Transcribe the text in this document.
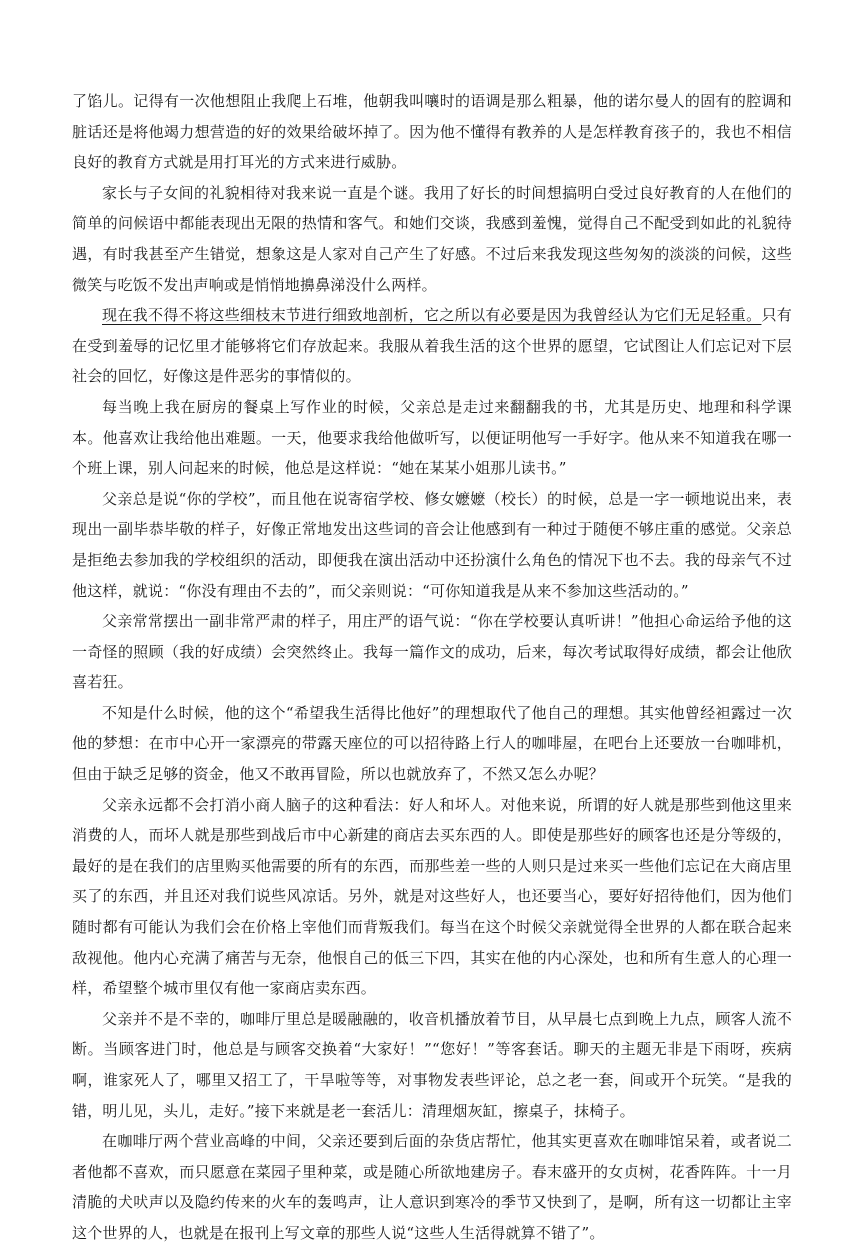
了馅儿。记得有一次他想阻止我爬上石堆，他朝我叫嚷时的语调是那么粗暴，他的诺尔曼人的固有的腔调和脏话还是将他竭力想营造的好的效果给破坏掉了。因为他不懂得有教养的人是怎样教育孩子的，我也不相信良好的教育方式就是用打耳光的方式来进行威胁。

家长与子女间的礼貌相待对我来说一直是个谜。我用了好长的时间想搞明白受过良好教育的人在他们的简单的问候语中都能表现出无限的热情和客气。和她们交谈，我感到羞愧，觉得自己不配受到如此的礼貌待遇，有时我甚至产生错觉，想象这是人家对自己产生了好感。不过后来我发现这些匆匆的淡淡的问候，这些微笑与吃饭不发出声响或是悄悄地擤鼻涕没什么两样。

现在我不得不将这些细枝末节进行细致地剖析，它之所以有必要是因为我曾经认为它们无足轻重。只有在受到羞辱的记忆里才能够将它们存放起来。我服从着我生活的这个世界的愿望，它试图让人们忘记对下层社会的回忆，好像这是件恶劣的事情似的。

每当晚上我在厨房的餐桌上写作业的时候，父亲总是走过来翻翻我的书，尤其是历史、地理和科学课本。他喜欢让我给他出难题。一天，他要求我给他做听写，以便证明他写一手好字。他从来不知道我在哪一个班上课，别人问起来的时候，他总是这样说：“她在某某小姐那儿读书。”

父亲总是说“你的学校”，而且他在说寄宿学校、修女嬷嬷（校长）的时候，总是一字一顿地说出来，表现出一副毕恭毕敬的样子，好像正常地发出这些词的音会让他感到有一种过于随便不够庄重的感觉。父亲总是拒绝去参加我的学校组织的活动，即便我在演出活动中还扮演什么角色的情况下也不去。我的母亲气不过他这样，就说：“你没有理由不去的”，而父亲则说：“可你知道我是从来不参加这些活动的。”

父亲常常摆出一副非常严肃的样子，用庄严的语气说：“你在学校要认真听讲！”他担心命运给予他的这一奇怪的照顾（我的好成绩）会突然终止。我每一篇作文的成功，后来，每次考试取得好成绩，都会让他欣喜若狂。

不知是什么时候，他的这个“希望我生活得比他好”的理想取代了他自己的理想。其实他曾经袒露过一次他的梦想：在市中心开一家漂亮的带露天座位的可以招待路上行人的咖啡屋，在吧台上还要放一台咖啡机，但由于缺乏足够的资金，他又不敢再冒险，所以也就放弃了，不然又怎么办呢？

父亲永远都不会打消小商人脑子的这种看法：好人和坏人。对他来说，所谓的好人就是那些到他这里来消费的人，而坏人就是那些到战后市中心新建的商店去买东西的人。即使是那些好的顾客也还是分等级的，最好的是在我们的店里购买他需要的所有的东西，而那些差一些的人则只是过来买一些他们忘记在大商店里买了的东西，并且还对我们说些风凉话。另外，就是对这些好人，也还要当心，要好好招待他们，因为他们随时都有可能认为我们会在价格上宰他们而背叛我们。每当在这个时候父亲就觉得全世界的人都在联合起来敌视他。他内心充满了痛苦与无奈，他恨自己的低三下四，其实在他的内心深处，也和所有生意人的心理一样，希望整个城市里仅有他一家商店卖东西。

父亲并不是不幸的，咖啡厅里总是暖融融的，收音机播放着节目，从早晨七点到晚上九点，顾客人流不断。当顾客进门时，他总是与顾客交换着“大家好！”“您好！”等客套话。聊天的主题无非是下雨呀，疾病啊，谁家死人了，哪里又招工了，干旱啦等等，对事物发表些评论，总之老一套，间或开个玩笑。“是我的错，明儿见，头儿，走好。”接下来就是老一套活儿：清理烟灰缸，擦桌子，抹椅子。

在咖啡厅两个营业高峰的中间，父亲还要到后面的杂货店帮忙，他其实更喜欢在咖啡馆呆着，或者说二者他都不喜欢，而只愿意在菜园子里种菜，或是随心所欲地建房子。春末盛开的女贞树，花香阵阵。十一月清脆的犬吠声以及隐约传来的火车的轰鸣声，让人意识到寒冷的季节又快到了，是啊，所有这一切都让主宰这个世界的人，也就是在报刊上写文章的那些人说“这些人生活得就算不错了”。
